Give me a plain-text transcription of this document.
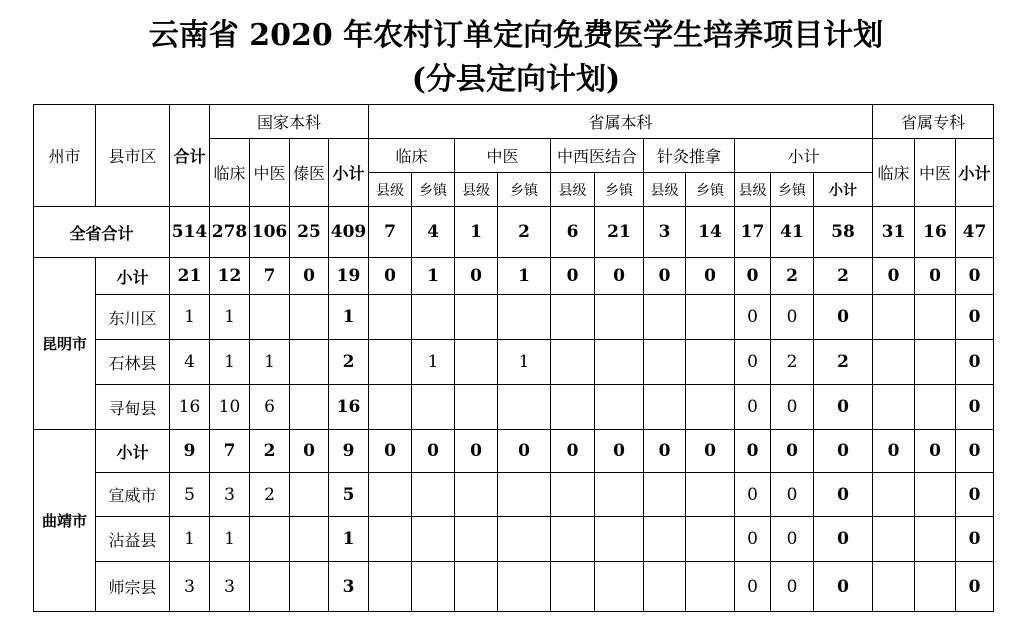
云南省 2020 年农村订单定向免费医学生培养项目计划
(分县定向计划)
州市	县市区	合计	国家本科				省属本科											省属专科		
			临床	中医	傣医	小计	临床		中医		中西医结合		针灸推拿		小计			临床	中医	小计
							县级	乡镇	县级	乡镇	县级	乡镇	县级	乡镇	县级	乡镇	小计			
全省合计		514	278	106	25	409	7	4	1	2	6	21	3	14	17	41	58	31	16	47
昆明市	小计	21	12	7	0	19	0	1	0	1	0	0	0	0	0	2	2	0	0	0
	东川区	1	1			1									0	0	0			0
	石林县	4	1	1		2		1		1					0	2	2			0
	寻甸县	16	10	6		16									0	0	0			0
曲靖市	小计	9	7	2	0	9	0	0	0	0	0	0	0	0	0	0	0	0	0	0
	宣威市	5	3	2		5									0	0	0			0
	沾益县	1	1			1									0	0	0			0
	师宗县	3	3			3									0	0	0			0
